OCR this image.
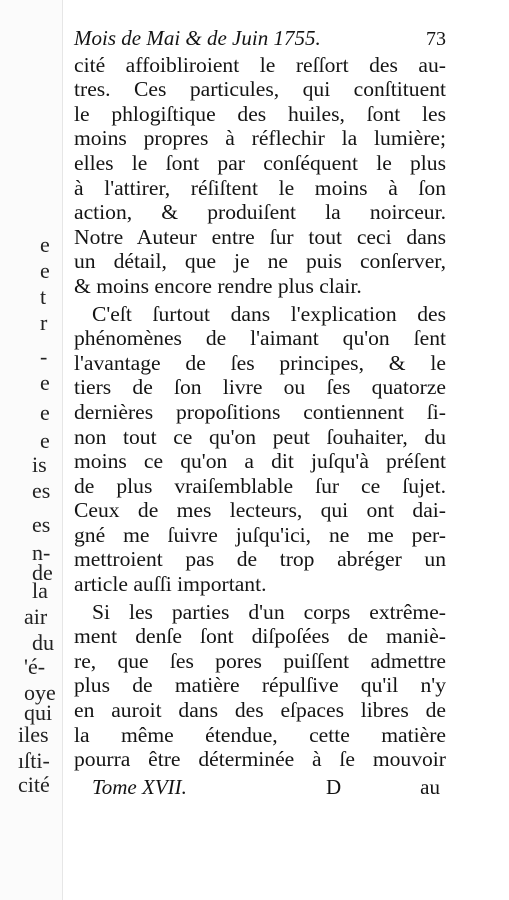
e
e
t
r
-
e
e
e
is
es
es
n-
de
la
air
du
'é-
oye
qui
iles
ıſti-
cité
Mois de Mai & de Juin 1755.	73
cité affoibliroient le reſſort des au-
tres. Ces particules, qui conſtituent
le phlogiſtique des huiles, ſont les
moins propres à réflechir la lumière;
elles le ſont par conſéquent le plus
à l'attirer, réſiſtent le moins à ſon
action, & produiſent la noirceur.
Notre Auteur entre ſur tout ceci dans
un détail, que je ne puis conſerver,
& moins encore rendre plus clair.
C'eſt ſurtout dans l'explication des
phénomènes de l'aimant qu'on ſent
l'avantage de ſes principes, & le
tiers de ſon livre ou ſes quatorze
dernières propoſitions contiennent ſi-
non tout ce qu'on peut ſouhaiter, du
moins ce qu'on a dit juſqu'à préſent
de plus vraiſemblable ſur ce ſujet.
Ceux de mes lecteurs, qui ont dai-
gné me ſuivre juſqu'ici, ne me per-
mettroient pas de trop abréger un
article auſſi important.
Si les parties d'un corps extrême-
ment denſe ſont diſpoſées de maniè-
re, que ſes pores puiſſent admettre
plus de matière répulſive qu'il n'y
en auroit dans des eſpaces libres de
la même étendue, cette matière
pourra être déterminée à ſe mouvoir
Tome XVII.	D	au
